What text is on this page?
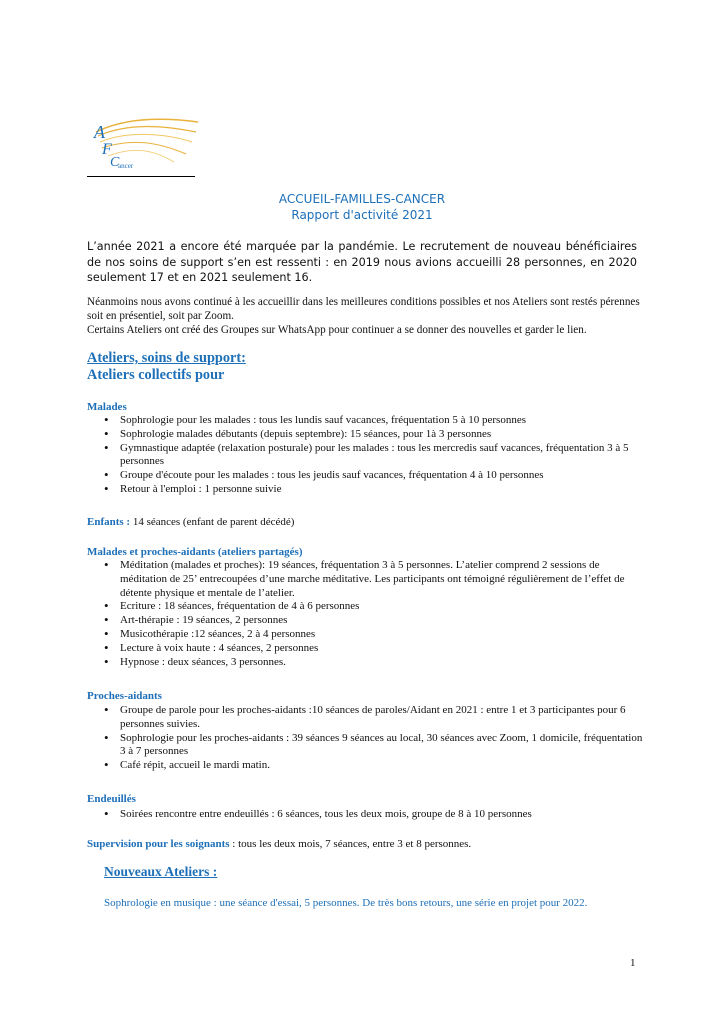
A
F
C
ancer
ACCUEIL-FAMILLES-CANCER
Rapport d'activité 2021
L’année 2021 a encore été marquée par la pandémie. Le recrutement de nouveau bénéficiaires de nos soins de support s’en est ressenti : en 2019 nous avions accueilli 28 personnes, en 2020 seulement 17 et en 2021 seulement 16.
Néanmoins nous avons continué à les accueillir dans les meilleures conditions possibles et nos Ateliers sont restés pérennes soit en présentiel, soit par Zoom.
Certains Ateliers ont créé des Groupes sur WhatsApp pour continuer a se donner des nouvelles et garder le lien.
Ateliers, soins de support:
Ateliers collectifs pour
Malades
• Sophrologie pour les malades : tous les lundis sauf vacances, fréquentation 5 à 10 personnes
• Sophrologie malades débutants (depuis septembre): 15 séances, pour 1à 3 personnes
• Gymnastique adaptée (relaxation posturale) pour les malades : tous les mercredis sauf vacances, fréquentation 3 à 5 personnes
• Groupe d'écoute pour les malades : tous les jeudis sauf vacances, fréquentation 4 à 10 personnes
• Retour à l'emploi : 1 personne suivie
Enfants : 14 séances (enfant de parent décédé)
Malades et proches-aidants (ateliers partagés)
• Méditation (malades et proches): 19 séances, fréquentation 3 à 5 personnes. L’atelier comprend 2 sessions de méditation de 25’ entrecoupées d’une marche méditative. Les participants ont témoigné régulièrement de l’effet de détente physique et mentale de l’atelier.
• Ecriture : 18 séances, fréquentation de 4 à 6 personnes
• Art-thérapie : 19 séances, 2 personnes
• Musicothérapie :12 séances, 2 à 4 personnes
• Lecture à voix haute : 4 séances, 2 personnes
• Hypnose : deux séances, 3 personnes.
Proches-aidants
• Groupe de parole pour les proches-aidants :10 séances de paroles/Aidant en 2021 : entre 1 et 3 participantes pour 6 personnes suivies.
• Sophrologie pour les proches-aidants : 39 séances 9 séances au local, 30 séances avec Zoom, 1 domicile, fréquentation 3 à 7 personnes
• Café répit, accueil le mardi matin.
Endeuillés
• Soirées rencontre entre endeuillés : 6 séances, tous les deux mois, groupe de 8 à 10 personnes
Supervision pour les soignants : tous les deux mois, 7 séances, entre 3 et 8 personnes.
Nouveaux Ateliers :
Sophrologie en musique : une séance d'essai, 5 personnes. De très bons retours, une série en projet pour 2022.
1
